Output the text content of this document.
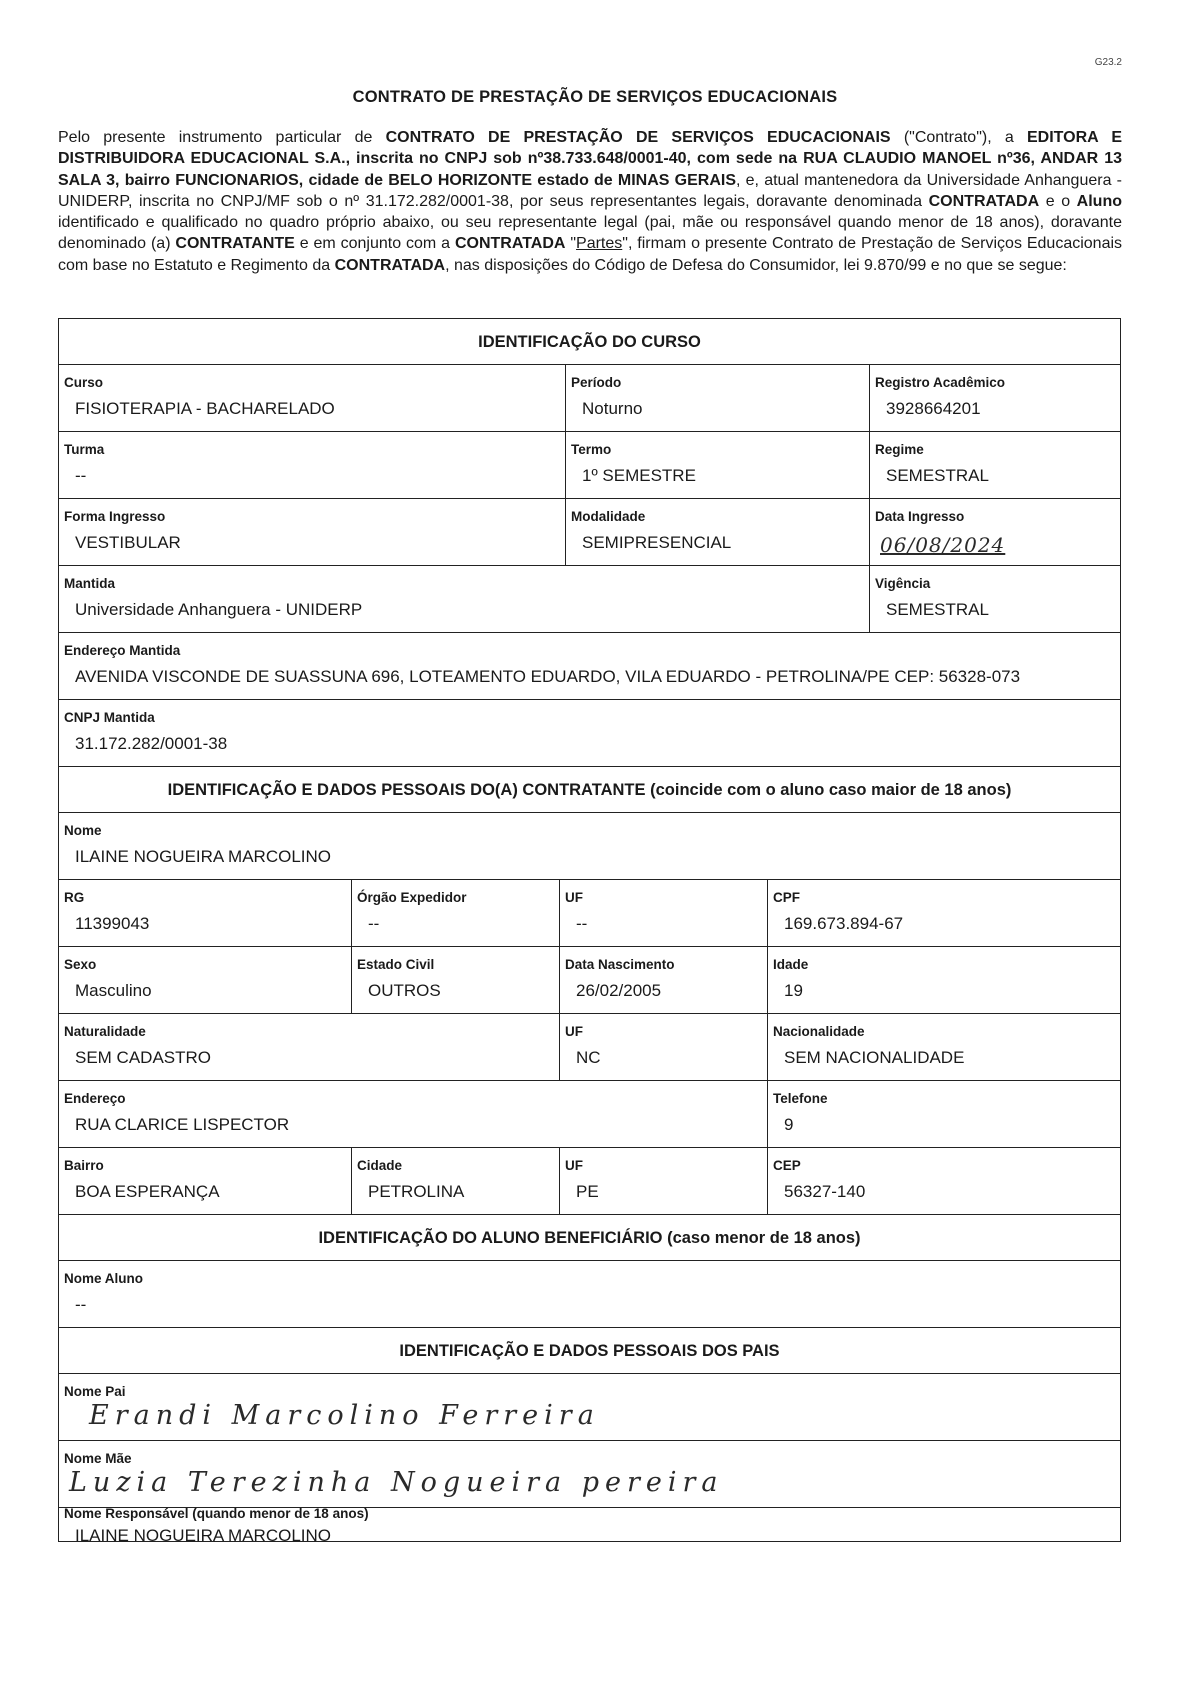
G23.2
CONTRATO DE PRESTAÇÃO DE SERVIÇOS EDUCACIONAIS
Pelo presente instrumento particular de CONTRATO DE PRESTAÇÃO DE SERVIÇOS EDUCACIONAIS ("Contrato"), a EDITORA E DISTRIBUIDORA EDUCACIONAL S.A., inscrita no CNPJ sob nº38.733.648/0001-40, com sede na RUA CLAUDIO MANOEL nº36, ANDAR 13 SALA 3, bairro FUNCIONARIOS, cidade de BELO HORIZONTE estado de MINAS GERAIS, e, atual mantenedora da Universidade Anhanguera - UNIDERP, inscrita no CNPJ/MF sob o nº 31.172.282/0001-38, por seus representantes legais, doravante denominada CONTRATADA e o Aluno identificado e qualificado no quadro próprio abaixo, ou seu representante legal (pai, mãe ou responsável quando menor de 18 anos), doravante denominado (a) CONTRATANTE e em conjunto com a CONTRATADA "Partes", firmam o presente Contrato de Prestação de Serviços Educacionais com base no Estatuto e Regimento da CONTRATADA, nas disposições do Código de Defesa do Consumidor, lei 9.870/99 e no que se segue:
IDENTIFICAÇÃO DO CURSO
Curso
FISIOTERAPIA - BACHARELADO
Período
Noturno
Registro Acadêmico
3928664201
Turma
--
Termo
1º SEMESTRE
Regime
SEMESTRAL
Forma Ingresso
VESTIBULAR
Modalidade
SEMIPRESENCIAL
Data Ingresso
06/08/2024
Mantida
Universidade Anhanguera - UNIDERP
Vigência
SEMESTRAL
Endereço Mantida
AVENIDA VISCONDE DE SUASSUNA 696, LOTEAMENTO EDUARDO, VILA EDUARDO - PETROLINA/PE CEP: 56328-073
CNPJ Mantida
31.172.282/0001-38
IDENTIFICAÇÃO E DADOS PESSOAIS DO(A) CONTRATANTE (coincide com o aluno caso maior de 18 anos)
Nome
ILAINE NOGUEIRA MARCOLINO
RG
11399043
Órgão Expedidor
--
UF
--
CPF
169.673.894-67
Sexo
Masculino
Estado Civil
OUTROS
Data Nascimento
26/02/2005
Idade
19
Naturalidade
SEM CADASTRO
UF
NC
Nacionalidade
SEM NACIONALIDADE
Endereço
RUA CLARICE LISPECTOR
Telefone
9
Bairro
BOA ESPERANÇA
Cidade
PETROLINA
UF
PE
CEP
56327-140
IDENTIFICAÇÃO DO ALUNO BENEFICIÁRIO (caso menor de 18 anos)
Nome Aluno
--
IDENTIFICAÇÃO E DADOS PESSOAIS DOS PAIS
Nome Pai
Erandi Marcolino Ferreira
Nome Mãe
Luzia Terezinha Nogueira pereira
Nome Responsável (quando menor de 18 anos)
ILAINE NOGUEIRA MARCOLINO
